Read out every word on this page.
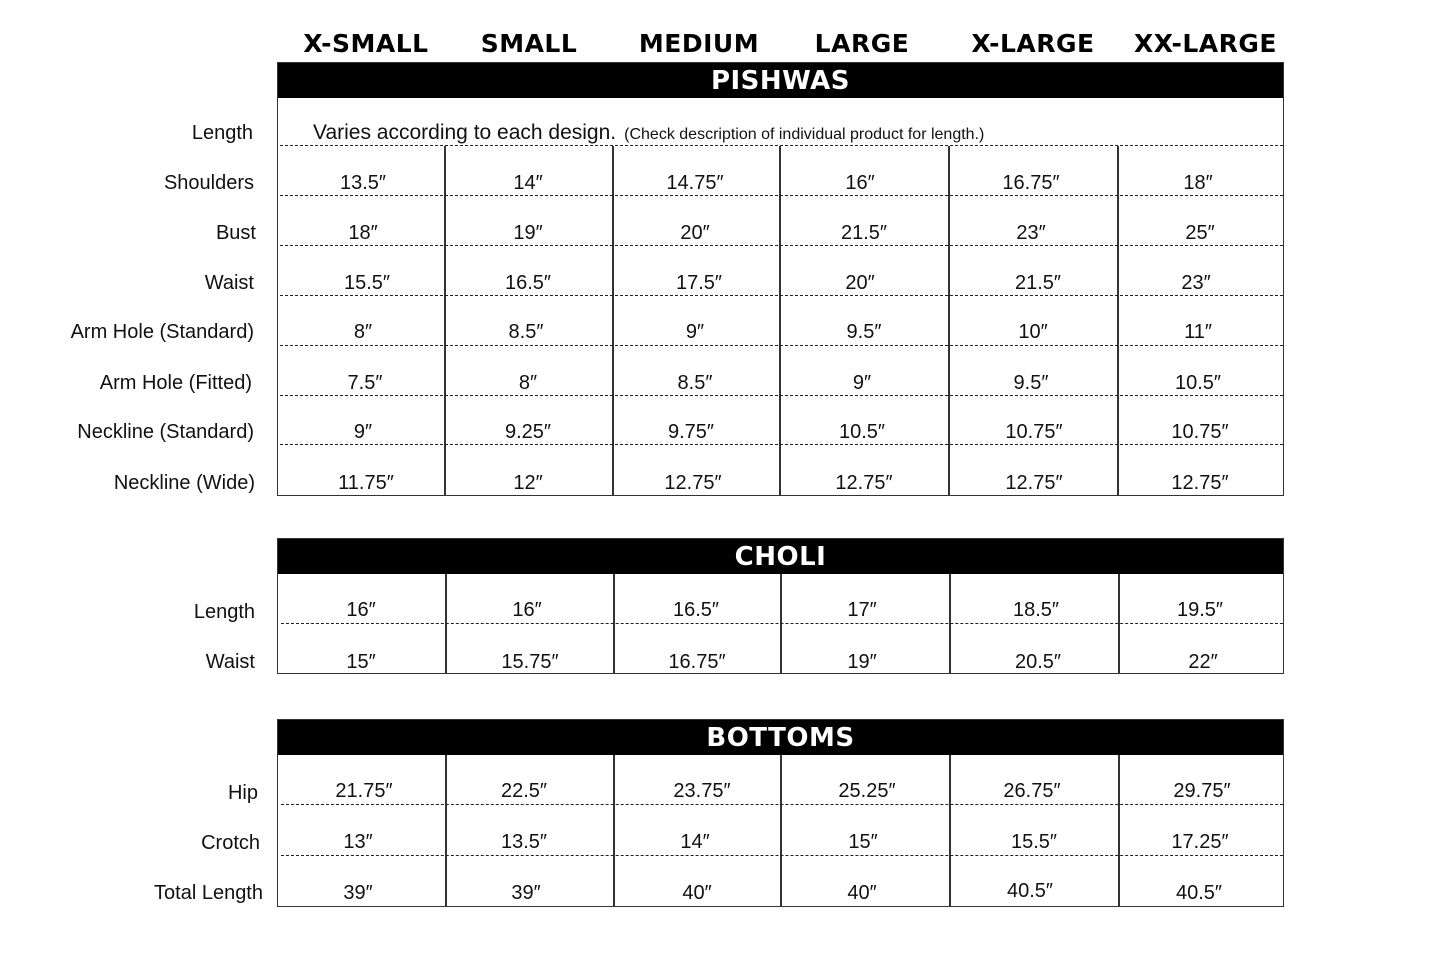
X-SMALL	SMALL	MEDIUM	LARGE	X-LARGE	XX-LARGE
PISHWAS
Length	Varies according to each design. (Check description of individual product for length.)
Shoulders	13.5″	14″	14.75″	16″	16.75″	18″
Bust	18″	19″	20″	21.5″	23″	25″
Waist	15.5″	16.5″	17.5″	20″	21.5″	23″
Arm Hole (Standard)	8″	8.5″	9″	9.5″	10″	11″
Arm Hole (Fitted)	7.5″	8″	8.5″	9″	9.5″	10.5″
Neckline (Standard)	9″	9.25″	9.75″	10.5″	10.75″	10.75″
Neckline (Wide)	11.75″	12″	12.75″	12.75″	12.75″	12.75″
CHOLI
Length	16″	16″	16.5″	17″	18.5″	19.5″
Waist	15″	15.75″	16.75″	19″	20.5″	22″
BOTTOMS
Hip	21.75″	22.5″	23.75″	25.25″	26.75″	29.75″
Crotch	13″	13.5″	14″	15″	15.5″	17.25″
Total Length	39″	39″	40″	40″	40.5″	40.5″
